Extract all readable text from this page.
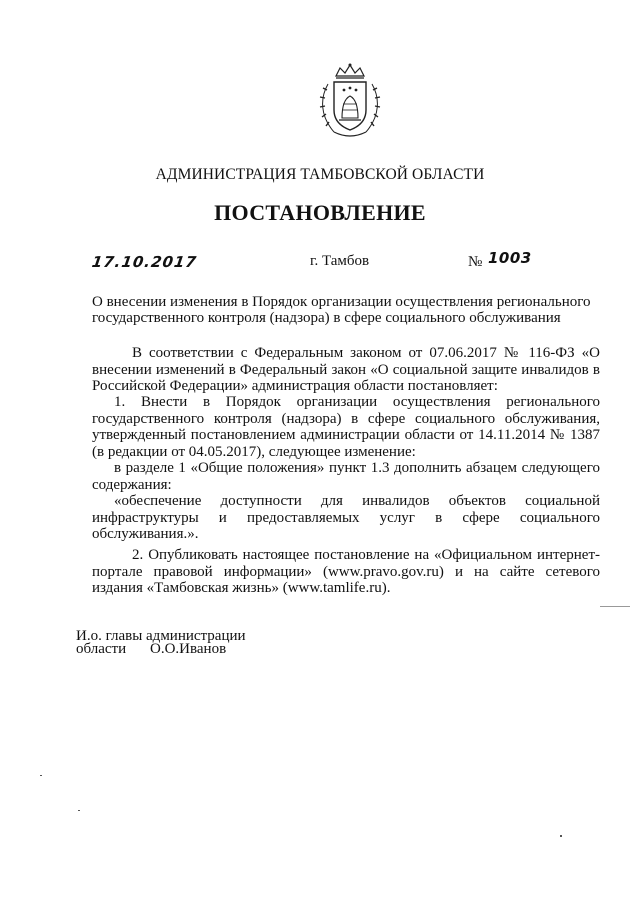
АДМИНИСТРАЦИЯ ТАМБОВСКОЙ ОБЛАСТИ
ПОСТАНОВЛЕНИЕ
17.10.2017	г. Тамбов	№ 1003
О внесении изменения в Порядок организации осуществления регионального государственного контроля (надзора) в сфере социального обслуживания
В соответствии с Федеральным законом от 07.06.2017 № 116-ФЗ «О внесении изменений в Федеральный закон «О социальной защите инвалидов в Российской Федерации» администрация области постановляет:
1. Внести в Порядок организации осуществления регионального государственного контроля (надзора) в сфере социального обслуживания, утвержденный постановлением администрации области от 14.11.2014 № 1387 (в редакции от 04.05.2017), следующее изменение:
в разделе 1 «Общие положения» пункт 1.3 дополнить абзацем следующего содержания:
«обеспечение доступности для инвалидов объектов социальной инфраструктуры и предоставляемых услуг в сфере социального обслуживания.».
2. Опубликовать настоящее постановление на «Официальном интернет-портале правовой информации» (www.pravo.gov.ru) и на сайте сетевого издания «Тамбовская жизнь» (www.tamlife.ru).
И.о. главы администрации
области О.О.Иванов
